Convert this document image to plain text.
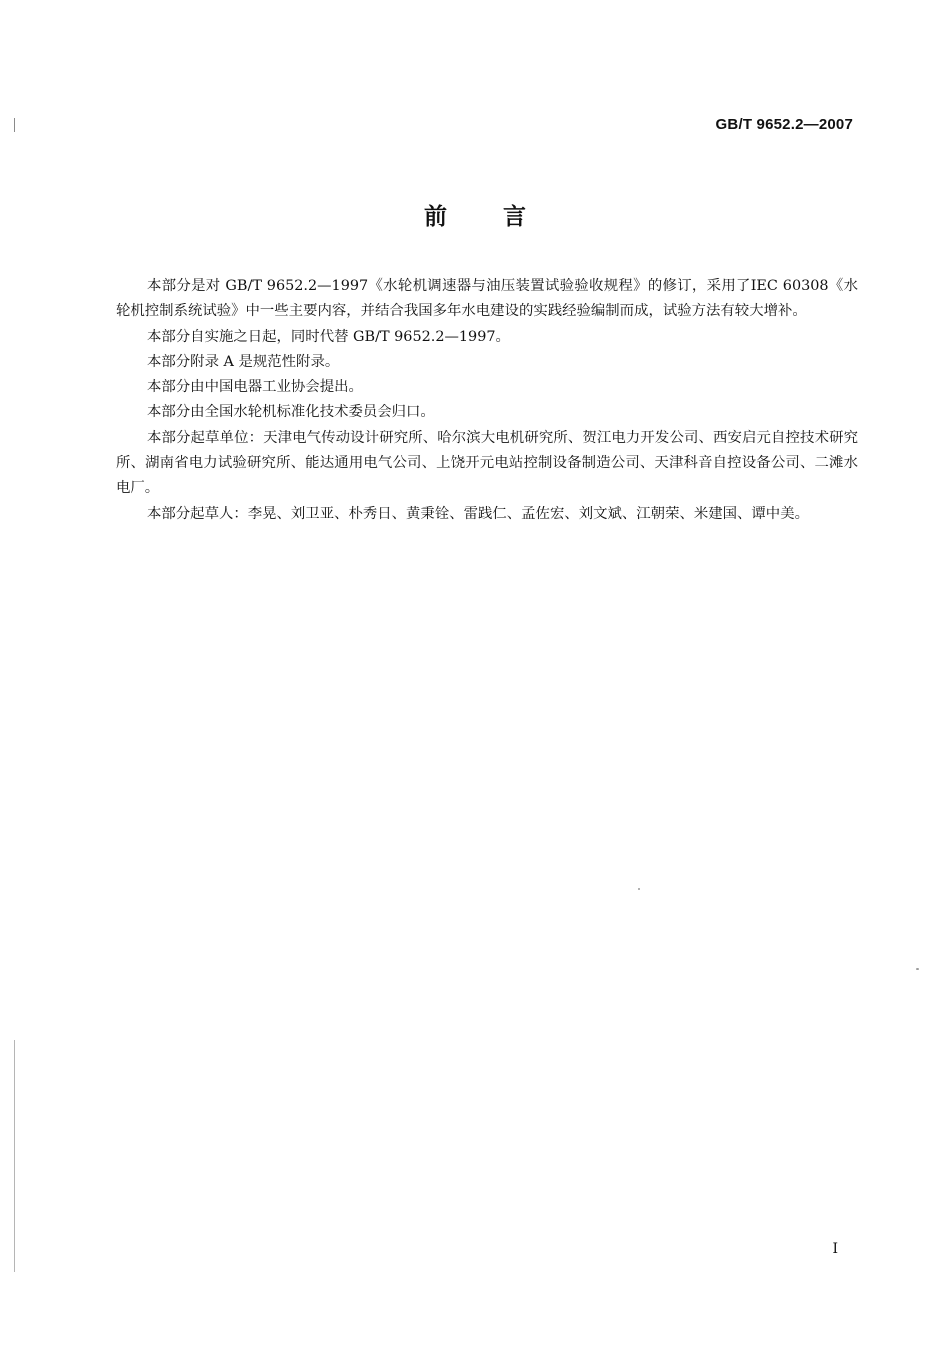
GB/T 9652.2—2007
前言

本部分是对 GB/T 9652.2—1997《水轮机调速器与油压装置试验验收规程》的修订，采用了IEC 60308《水轮机控制系统试验》中一些主要内容，并结合我国多年水电建设的实践经验编制而成，试验方法有较大增补。

本部分自实施之日起，同时代替 GB/T 9652.2—1997。

本部分附录 A 是规范性附录。

本部分由中国电器工业协会提出。

本部分由全国水轮机标准化技术委员会归口。

本部分起草单位：天津电气传动设计研究所、哈尔滨大电机研究所、贺江电力开发公司、西安启元自控技术研究所、湖南省电力试验研究所、能达通用电气公司、上饶开元电站控制设备制造公司、天津科音自控设备公司、二滩水电厂。

本部分起草人：李晃、刘卫亚、朴秀日、黄秉铨、雷践仁、孟佐宏、刘文斌、江朝荣、米建国、谭中美。

I
